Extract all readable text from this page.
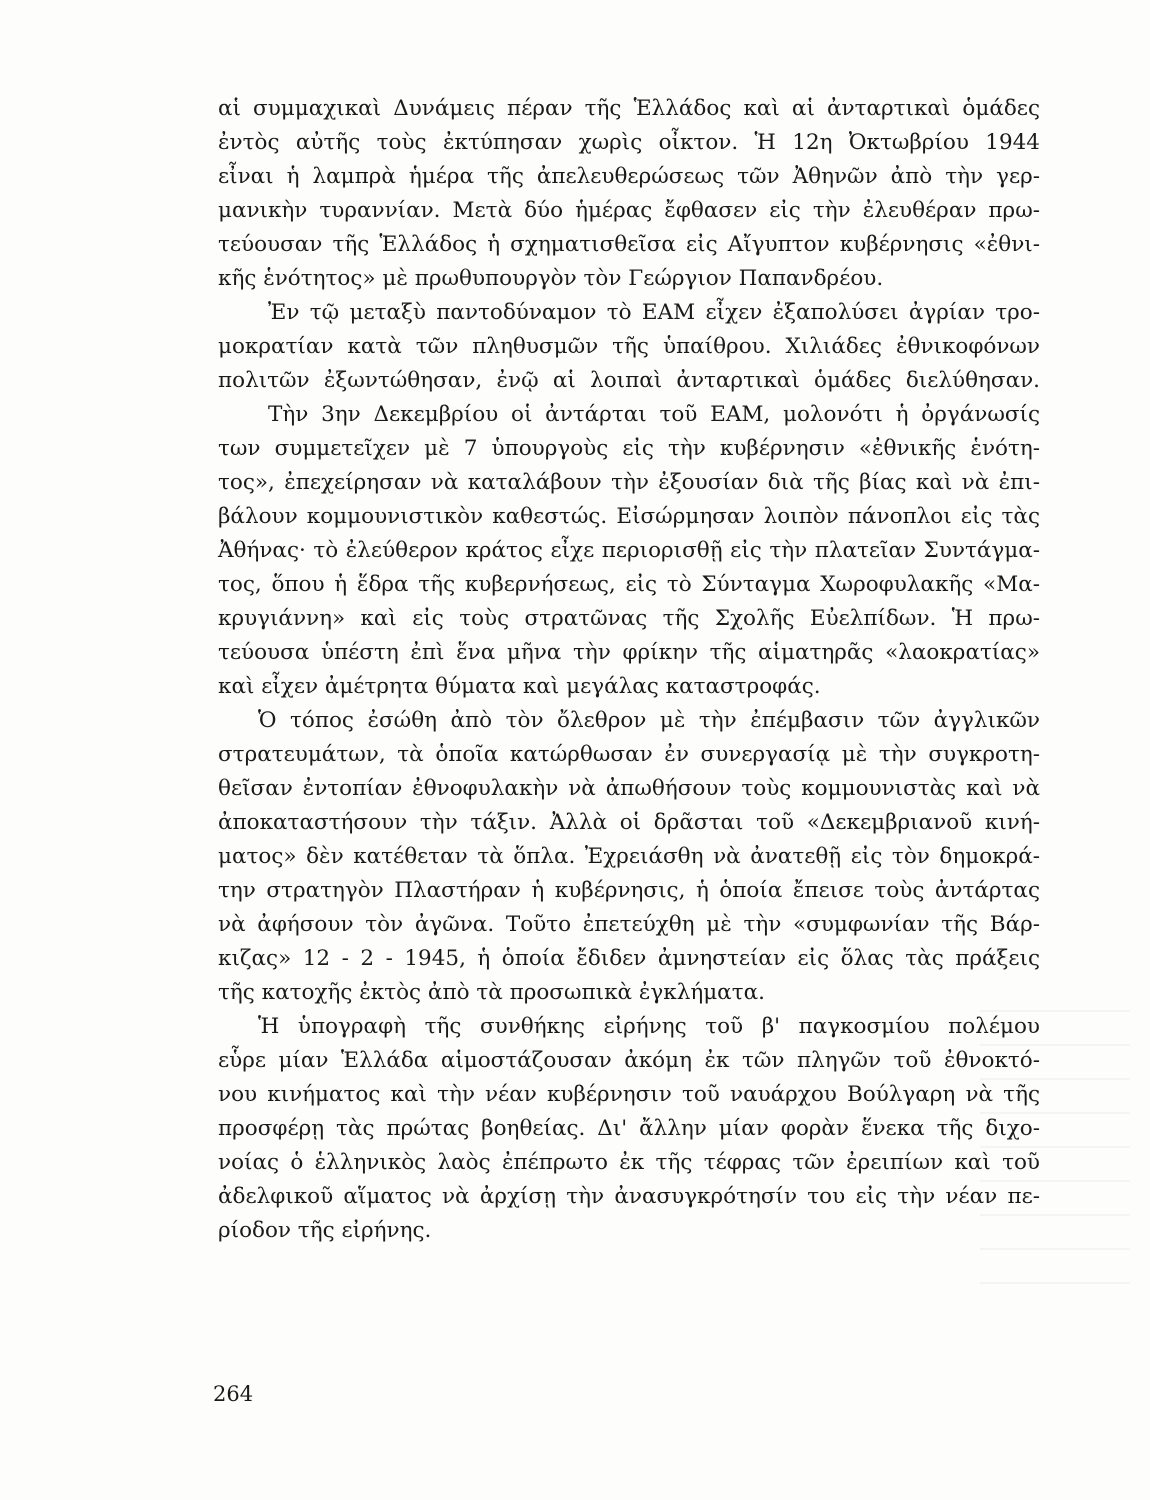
αἱ συμμαχικαὶ Δυνάμεις πέραν τῆς Ἑλλάδος καὶ αἱ ἀνταρτικαὶ ὁμάδες
ἐντὸς αὐτῆς τοὺς ἐκτύπησαν χωρὶς οἶκτον. Ἡ 12η Ὀκτωβρίου 1944
εἶναι ἡ λαμπρὰ ἡμέρα τῆς ἀπελευθερώσεως τῶν Ἀθηνῶν ἀπὸ τὴν γερ-
μανικὴν τυραννίαν. Μετὰ δύο ἡμέρας ἔφθασεν εἰς τὴν ἐλευθέραν πρω-
τεύουσαν τῆς Ἑλλάδος ἡ σχηματισθεῖσα εἰς Αἴγυπτον κυβέρνησις «ἐθνι-
κῆς ἑνότητος» μὲ πρωθυπουργὸν τὸν Γεώργιον Παπανδρέου.
Ἐν τῷ μεταξὺ παντοδύναμον τὸ ΕΑΜ εἶχεν ἐξαπολύσει ἀγρίαν τρο-
μοκρατίαν κατὰ τῶν πληθυσμῶν τῆς ὑπαίθρου. Χιλιάδες ἐθνικοφόνων
πολιτῶν ἐξωντώθησαν, ἐνῷ αἱ λοιπαὶ ἀνταρτικαὶ ὁμάδες διελύθησαν.
Τὴν 3ην Δεκεμβρίου οἱ ἀντάρται τοῦ ΕΑΜ, μολονότι ἡ ὀργάνωσίς
των συμμετεῖχεν μὲ 7 ὑπουργοὺς εἰς τὴν κυβέρνησιν «ἐθνικῆς ἑνότη-
τος», ἐπεχείρησαν νὰ καταλάβουν τὴν ἐξουσίαν διὰ τῆς βίας καὶ νὰ ἐπι-
βάλουν κομμουνιστικὸν καθεστώς. Εἰσώρμησαν λοιπὸν πάνοπλοι εἰς τὰς
Ἀθήνας· τὸ ἐλεύθερον κράτος εἶχε περιορισθῇ εἰς τὴν πλατεῖαν Συντάγμα-
τος, ὅπου ἡ ἕδρα τῆς κυβερνήσεως, εἰς τὸ Σύνταγμα Χωροφυλακῆς «Μα-
κρυγιάννη» καὶ εἰς τοὺς στρατῶνας τῆς Σχολῆς Εὐελπίδων. Ἡ πρω-
τεύουσα ὑπέστη ἐπὶ ἕνα μῆνα τὴν φρίκην τῆς αἱματηρᾶς «λαοκρατίας»
καὶ εἶχεν ἀμέτρητα θύματα καὶ μεγάλας καταστροφάς.
Ὁ τόπος ἐσώθη ἀπὸ τὸν ὄλεθρον μὲ τὴν ἐπέμβασιν τῶν ἀγγλικῶν
στρατευμάτων, τὰ ὁποῖα κατώρθωσαν ἐν συνεργασίᾳ μὲ τὴν συγκροτη-
θεῖσαν ἐντοπίαν ἐθνοφυλακὴν νὰ ἀπωθήσουν τοὺς κομμουνιστὰς καὶ νὰ
ἀποκαταστήσουν τὴν τάξιν. Ἀλλὰ οἱ δρᾶσται τοῦ «Δεκεμβριανοῦ κινή-
ματος» δὲν κατέθεταν τὰ ὅπλα. Ἐχρειάσθη νὰ ἀνατεθῇ εἰς τὸν δημοκρά-
την στρατηγὸν Πλαστήραν ἡ κυβέρνησις, ἡ ὁποία ἔπεισε τοὺς ἀντάρτας
νὰ ἀφήσουν τὸν ἀγῶνα. Τοῦτο ἐπετεύχθη μὲ τὴν «συμφωνίαν τῆς Βάρ-
κιζας» 12 - 2 - 1945, ἡ ὁποία ἔδιδεν ἀμνηστείαν εἰς ὅλας τὰς πράξεις
τῆς κατοχῆς ἐκτὸς ἀπὸ τὰ προσωπικὰ ἐγκλήματα.
Ἡ ὑπογραφὴ τῆς συνθήκης εἰρήνης τοῦ β' παγκοσμίου πολέμου
εὗρε μίαν Ἑλλάδα αἱμοστάζουσαν ἀκόμη ἐκ τῶν πληγῶν τοῦ ἐθνοκτό-
νου κινήματος καὶ τὴν νέαν κυβέρνησιν τοῦ ναυάρχου Βούλγαρη νὰ τῆς
προσφέρῃ τὰς πρώτας βοηθείας. Δι' ἄλλην μίαν φορὰν ἕνεκα τῆς διχο-
νοίας ὁ ἑλληνικὸς λαὸς ἐπέπρωτο ἐκ τῆς τέφρας τῶν ἐρειπίων καὶ τοῦ
ἀδελφικοῦ αἵματος νὰ ἀρχίσῃ τὴν ἀνασυγκρότησίν του εἰς τὴν νέαν πε-
ρίοδον τῆς εἰρήνης.
264
